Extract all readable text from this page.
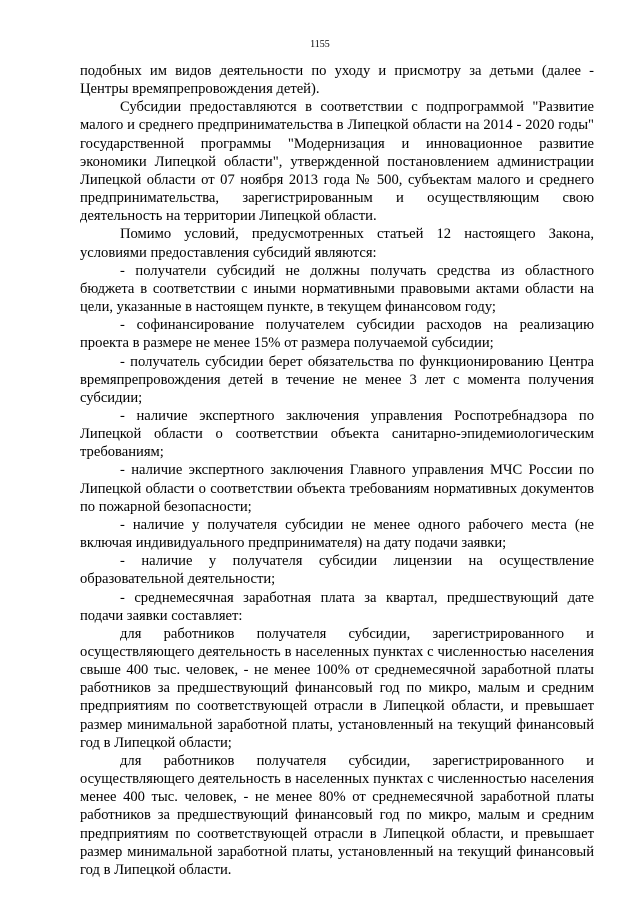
1155

подобных им видов деятельности по уходу и присмотру за детьми (далее - Центры времяпрепровождения детей).

Субсидии предоставляются в соответствии с подпрограммой "Развитие малого и среднего предпринимательства в Липецкой области на 2014 - 2020 годы" государственной программы "Модернизация и инновационное развитие экономики Липецкой области", утвержденной постановлением администрации Липецкой области от 07 ноября 2013 года № 500, субъектам малого и среднего предпринимательства, зарегистрированным и осуществляющим свою деятельность на территории Липецкой области.

Помимо условий, предусмотренных статьей 12 настоящего Закона, условиями предоставления субсидий являются:

- получатели субсидий не должны получать средства из областного бюджета в соответствии с иными нормативными правовыми актами области на цели, указанные в настоящем пункте, в текущем финансовом году;

- софинансирование получателем субсидии расходов на реализацию проекта в размере не менее 15% от размера получаемой субсидии;

- получатель субсидии берет обязательства по функционированию Центра времяпрепровождения детей в течение не менее 3 лет с момента получения субсидии;

- наличие экспертного заключения управления Роспотребнадзора по Липецкой области о соответствии объекта санитарно-эпидемиологическим требованиям;

- наличие экспертного заключения Главного управления МЧС России по Липецкой области о соответствии объекта требованиям нормативных документов по пожарной безопасности;

- наличие у получателя субсидии не менее одного рабочего места (не включая индивидуального предпринимателя) на дату подачи заявки;

- наличие у получателя субсидии лицензии на осуществление образовательной деятельности;

- среднемесячная заработная плата за квартал, предшествующий дате подачи заявки составляет:

для работников получателя субсидии, зарегистрированного и осуществляющего деятельность в населенных пунктах с численностью населения свыше 400 тыс. человек, - не менее 100% от среднемесячной заработной платы работников за предшествующий финансовый год по микро, малым и средним предприятиям по соответствующей отрасли в Липецкой области, и превышает размер минимальной заработной платы, установленный на текущий финансовый год в Липецкой области;

для работников получателя субсидии, зарегистрированного и осуществляющего деятельность в населенных пунктах с численностью населения менее 400 тыс. человек, - не менее 80% от среднемесячной заработной платы работников за предшествующий финансовый год по микро, малым и средним предприятиям по соответствующей отрасли в Липецкой области, и превышает размер минимальной заработной платы, установленный на текущий финансовый год в Липецкой области.
